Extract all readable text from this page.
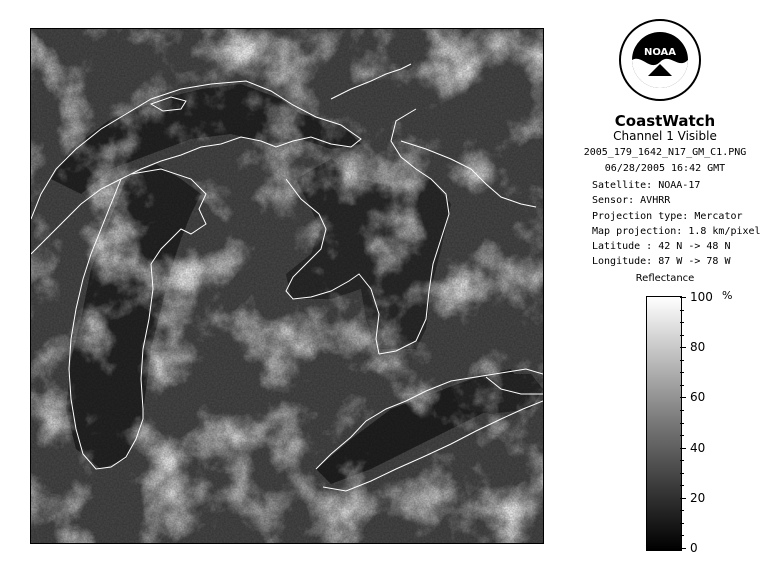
NOAA
CoastWatch
Channel 1 Visible
2005_179_1642_N17_GM_C1.PNG
06/28/2005 16:42 GMT
Satellite: NOAA-17
Sensor: AVHRR
Projection type: Mercator
Map projection: 1.8 km/pixel
Latitude : 42 N -> 48 N
Longitude: 87 W -> 78 W
Reflectance
%
0
20
40
60
80
100
